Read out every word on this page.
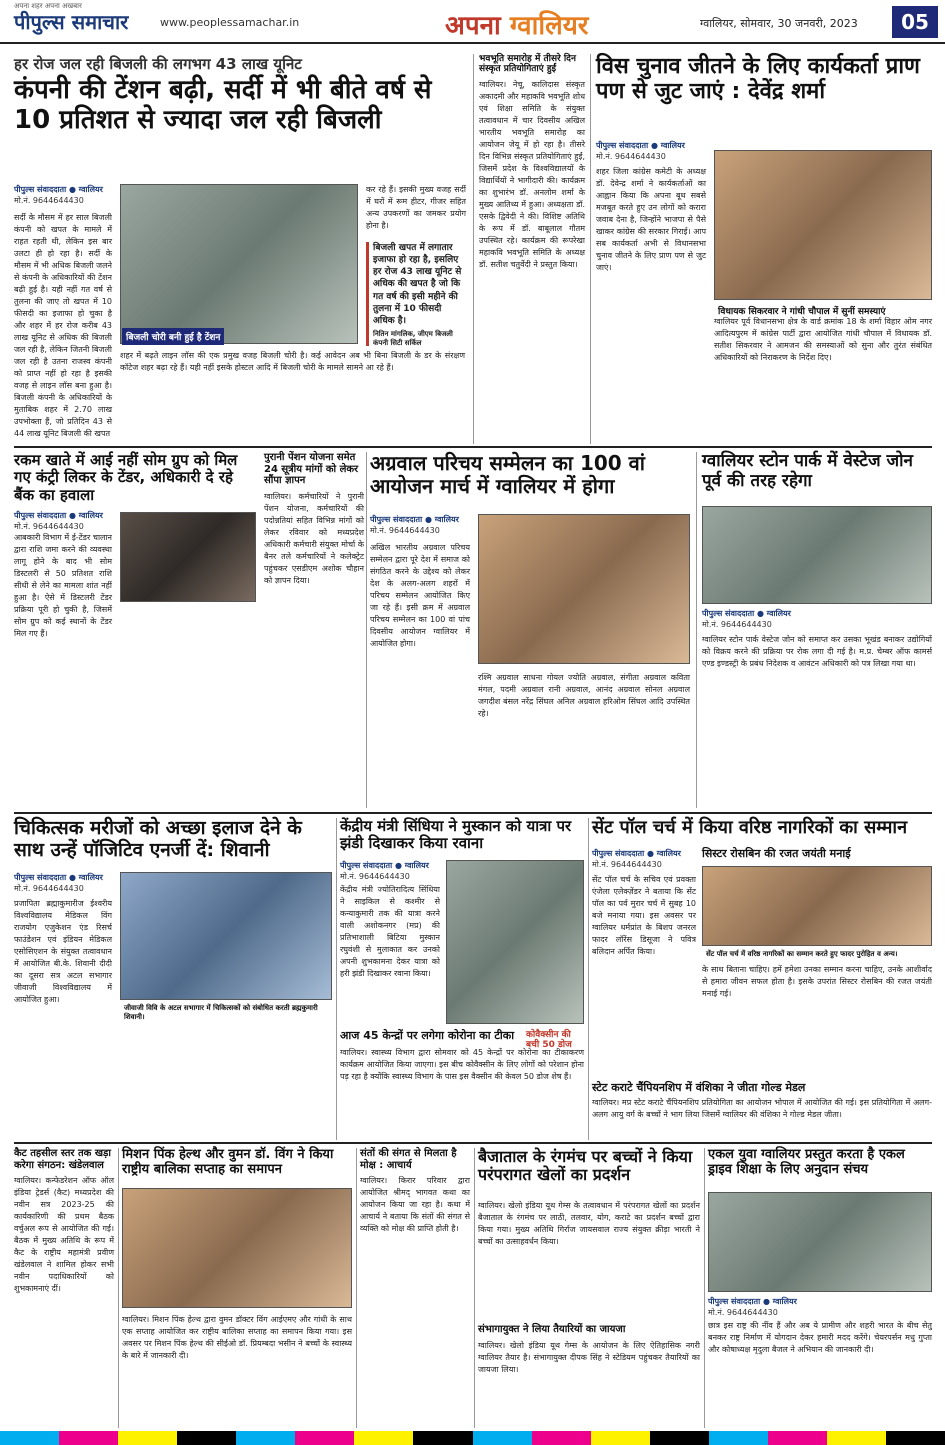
अपना शहर अपना अखबार
पीपुल्स समाचार	www.peoplessamachar.in	अपना ग्वालियर	ग्वालियर, सोमवार, 30 जनवरी, 2023	05
हर रोज जल रही बिजली की लगभग 43 लाख यूनिट
कंपनी की टेंशन बढ़ी, सर्दी में भी बीते वर्ष से 10 प्रतिशत से ज्यादा जल रही बिजली
पीपुल्स संवाददाता ● ग्वालियर
मो.नं. 9644644430
सर्दी के मौसम में हर साल बिजली कंपनी को खपत के मामले में राहत रहती थी, लेकिन इस बार उलटा ही हो रहा है। सर्दी के मौसम में भी अधिक बिजली जलने से कंपनी के अधिकारियों की टेंशन बढ़ी हुई है। यही नहीं गत वर्ष से तुलना की जाए तो खपत में 10 फीसदी का इजाफा हो चुका है और शहर में हर रोज करीब 43 लाख यूनिट से अधिक की बिजली जल रही है, लेकिन जितनी बिजली जल रही है उतना राजस्व कंपनी को प्राप्त नहीं हो रहा है इसकी वजह से लाइन लॉस बना हुआ है। बिजली कंपनी के अधिकारियों के मुताबिक शहर में 2.70 लाख उपभोक्ता हैं, जो प्रतिदिन 43 से 44 लाख यूनिट बिजली की खपत
बिजली चोरी बनी हुई है टेंशन
शहर में बढ़ते लाइन लॉस की एक प्रमुख वजह बिजली चोरी है। कई आवेदन अब भी बिना बिजली के डर के संरक्षण कॉटेज शहर बढ़ा रहे हैं। यही नहीं इसके होस्टल आदि में बिजली चोरी के मामले सामने आ रहे हैं।
कर रहे हैं। इसकी मुख्य वजह सर्दी में घरों में रूम हीटर, गीजर सहित अन्य उपकरणों का जमकर प्रयोग होना है।
बिजली खपत में लगातार इजाफा हो रहा है, इसलिए हर रोज 43 लाख यूनिट से अधिक की खपत है जो कि गत वर्ष की इसी महीने की तुलना में 10 फीसदी अधिक है।
नितिन मांगलिक, जीएम बिजली कंपनी सिटी सर्किल
भवभूति समारोह में तीसरे दिन संस्कृत प्रतियोगिताएं हुईं
ग्वालियर। नेचू, कालिदास संस्कृत अकादमी और महाकवि भवभूति शोध एवं शिक्षा समिति के संयुक्त तत्वावधान में चार दिवसीय अखिल भारतीय भवभूति समारोह का आयोजन जेयू में हो रहा है। तीसरे दिन विभिन्न संस्कृत प्रतियोगिताएं हुईं, जिसमें प्रदेश के विश्वविद्यालयों के विद्यार्थियों ने भागीदारी की। कार्यक्रम का शुभारंभ डॉ. अनलोम शर्मा के मुख्य आतिथ्य में हुआ। अध्यक्षता डॉ. एसके द्विवेदी ने की। विशिष्ट अतिथि के रूप में डॉ. बाबूलाल गौतम उपस्थित रहे। कार्यक्रम की रूपरेखा महाकवि भवभूति समिति के अध्यक्ष डॉ. सतीश चतुर्वेदी ने प्रस्तुत किया।
विस चुनाव जीतने के लिए कार्यकर्ता प्राण पण से जुट जाएं : देवेंद्र शर्मा
पीपुल्स संवाददाता ● ग्वालियर
मो.नं. 9644644430
शहर जिला कांग्रेस कमेटी के अध्यक्ष डॉ. देवेन्द्र शर्मा ने कार्यकर्ताओं का आह्वान किया कि अपना बूथ सबसे मजबूत करते हुए उन लोगों को करारा जवाब देना है, जिन्होंने भाजपा से पैसे खाकर कांग्रेस की सरकार गिराई। आप सब कार्यकर्ता अभी से विधानसभा चुनाव जीतने के लिए प्राण पण से जुट जाएं।
विधायक सिकरवार ने गांधी चौपाल में सुनीं समस्याएं
ग्वालियर पूर्व विधानसभा क्षेत्र के वार्ड क्रमांक 18 के शर्मा विहार ओम नगर आदित्यपुरम में कांग्रेस पार्टी द्वारा आयोजित गांधी चौपाल में विधायक डॉ. सतीश सिकरवार ने आमजन की समस्याओं को सुना और तुरंत संबंधित अधिकारियों को निराकरण के निर्देश दिए।
रकम खाते में आई नहीं सोम ग्रुप को मिल गए कंट्री लिकर के टेंडर, अधिकारी दे रहे बैंक का हवाला
पीपुल्स संवाददाता ● ग्वालियर
मो.नं. 9644644430
आबकारी विभाग में ई-टेंडर चालान द्वारा राशि जमा करने की व्यवस्था लागू होने के बाद भी सोम डिस्टलरी से 50 प्रतिशत राशि सीधी से लेने का मामला शांत नहीं हुआ है। ऐसे में डिस्टलरी टेंडर प्रक्रिया पूरी हो चुकी है, जिसमें सोम ग्रुप को कई स्थानों के टेंडर मिल गए हैं।
पुरानी पेंशन योजना समेत 24 सूत्रीय मांगों को लेकर सौंपा ज्ञापन
ग्वालियर। कर्मचारियों ने पुरानी पेंशन योजना, कर्मचारियों की पदोन्नतियां सहित विभिन्न मांगों को लेकर रविवार को मध्यप्रदेश अधिकारी कर्मचारी संयुक्त मोर्चा के बैनर तले कर्मचारियों ने कलेक्ट्रेट पहुंचकर एसडीएम अशोक चौहान को ज्ञापन दिया।
अग्रवाल परिचय सम्मेलन का 100 वां आयोजन मार्च में ग्वालियर में होगा
पीपुल्स संवाददाता ● ग्वालियर
मो.नं. 9644644430
अखिल भारतीय अग्रवाल परिचय सम्मेलन द्वारा पूरे देश में समाज को संगठित करने के उद्देश्य को लेकर देश के अलग-अलग शहरों में परिचय सम्मेलन आयोजित किए जा रहे हैं। इसी क्रम में अग्रवाल परिचय सम्मेलन का 100 वां पांच दिवसीय आयोजन ग्वालियर में आयोजित होगा।
रश्मि अग्रवाल साधना गोयल ज्योति अग्रवाल, संगीता अग्रवाल कविता मंगल, पदमी अग्रवाल रानी अग्रवाल, आनंद अग्रवाल सोनल अग्रवाल जगदीश बंसल नरेंद्र सिंघल अनिल अग्रवाल हरिओम सिंघल आदि उपस्थित रहे।
ग्वालियर स्टोन पार्क में वेस्टेज जोन पूर्व की तरह रहेगा
पीपुल्स संवाददाता ● ग्वालियर
मो.नं. 9644644430
ग्वालियर स्टोन पार्क वेस्टेज जोन को समाप्त कर उसका भूखंड बनाकर उद्योगियों को विक्रय करने की प्रक्रिया पर रोक लगा दी गई है। म.प्र. चेम्बर ऑफ कामर्स एण्ड इण्डस्ट्री के प्रबंध निदेशक व आवंटन अधिकारी को पत्र लिखा गया था।
चिकित्सक मरीजों को अच्छा इलाज देने के साथ उन्हें पॉजिटिव एनर्जी दें: शिवानी
पीपुल्स संवाददाता ● ग्वालियर
मो.नं. 9644644430
प्रजापिता ब्रह्माकुमारीज ईश्वरीय विश्वविद्यालय मेडिकल विंग राजयोग एजुकेशन एंड रिसर्च फाउंडेशन एवं इंडियन मेडिकल एसोसिएशन के संयुक्त तत्वावधान में आयोजित बी.के. शिवानी दीदी का दूसरा सत्र अटल सभागार जीवाजी विश्वविद्यालय में आयोजित हुआ।
जीवाजी विवि के अटल सभागार में चिकित्सकों को संबोधित करती ब्रह्मकुमारी शिवानी।
केंद्रीय मंत्री सिंधिया ने मुस्कान को यात्रा पर झंडी दिखाकर किया रवाना
पीपुल्स संवाददाता ● ग्वालियर
मो.नं. 9644644430
केंद्रीय मंत्री ज्योतिरादित्य सिंधिया ने साइकिल से कश्मीर से कन्याकुमारी तक की यात्रा करने वाली अशोकनगर (मप्र) की प्रतिभाशाली बिटिया मुस्कान रघुवंशी से मुलाकात कर उनको अपनी शुभकामना देकर यात्रा को हरी झंडी दिखाकर रवाना किया।
आज 45 केन्द्रों पर लगेगा कोरोना का टीका	कोवैक्सीन की बची 50 डोज
ग्वालियर। स्वास्थ्य विभाग द्वारा सोमवार को 45 केन्द्रों पर कोरोना का टीकाकरण कार्यक्रम आयोजित किया जाएगा। इस बीच कोवैक्सीन के लिए लोगों को परेशान होना पड़ रहा है क्योंकि स्वास्थ्य विभाग के पास इस वैक्सीन की केवल 50 डोज शेष हैं।
सेंट पॉल चर्च में किया वरिष्ठ नागरिकों का सम्मान
पीपुल्स संवाददाता ● ग्वालियर
मो.नं. 9644644430
सेंट पॉल चर्च के सचिव एवं प्रवक्ता एंजेला एलेक्ज़ेंडर ने बताया कि सेंट पॉल का पर्व मुरार चर्च में सुबह 10 बजे मनाया गया। इस अवसर पर ग्वालियर धर्मप्रांत के बिशप जनरल फादर लॉरेंस डिसूजा ने पवित्र बलिदान अर्पित किया।
सिस्टर रोसबिन की रजत जयंती मनाई
सेंट पॉल चर्च में वरिष्ठ नागरिकों का सम्मान करते हुए फादर पुरोहित व अन्य।
के साथ बिताना चाहिए। हमें हमेशा उनका सम्मान करना चाहिए, उनके आशीर्वाद से हमारा जीवन सफल होता है। इसके उपरांत सिस्टर रोसबिन की रजत जयंती मनाई गई।
स्टेट कराटे चैंपियनशिप में वंशिका ने जीता गोल्ड मेडल
ग्वालियर। मप्र स्टेट कराटे चैंपियनशिप प्रतियोगिता का आयोजन भोपाल में आयोजित की गई। इस प्रतियोगिता में अलग-अलग आयु वर्ग के बच्चों ने भाग लिया जिसमें ग्वालियर की वंशिका ने गोल्ड मेडल जीता।
कैट तहसील स्तर तक खड़ा करेगा संगठन: खंडेलवाल
ग्वालियर। कन्फेडरेशन ऑफ ऑल इंडिया ट्रेडर्स (कैट) मध्यप्रदेश की नवीन सत्र 2023-25 की कार्यकारिणी की प्रथम बैठक वर्चुअल रूप से आयोजित की गई। बैठक में मुख्य अतिथि के रूप में कैट के राष्ट्रीय महामंत्री प्रवीण खंडेलवाल ने शामिल होकर सभी नवीन पदाधिकारियों को शुभकामनाएं दीं।
मिशन पिंक हेल्थ और वुमन डॉ. विंग ने किया राष्ट्रीय बालिका सप्ताह का समापन
ग्वालियर। मिशन पिंक हेल्थ द्वारा वुमन डॉक्टर विंग आईएमए और गांधी के साथ एक सप्ताह आयोजित कर राष्ट्रीय बालिका सप्ताह का समापन किया गया। इस अवसर पर मिशन पिंक हेल्थ की सीईओ डॉ. प्रियम्बदा भसीन ने बच्चों के स्वास्थ्य के बारे में जानकारी दी।
संतों की संगत से मिलता है मोक्ष : आचार्य
ग्वालियर। किरार परिवार द्वारा आयोजित श्रीमद् भागवत कथा का आयोजन किया जा रहा है। कथा में आचार्य ने बताया कि संतों की संगत से व्यक्ति को मोक्ष की प्राप्ति होती है।
बैजाताल के रंगमंच पर बच्चों ने किया परंपरागत खेलों का प्रदर्शन
ग्वालियर। खेलो इंडिया यूथ गेम्स के तत्वावधान में परंपरागत खेलों का प्रदर्शन बैजाताल के रंगमंच पर लाठी, तलवार, योग, कराटे का प्रदर्शन बच्चों द्वारा किया गया। मुख्य अतिथि गिर्राज जायसवाल राज्य संयुक्त क्रीड़ा भारती ने बच्चों का उत्साहवर्धन किया।
संभागायुक्त ने लिया तैयारियों का जायजा
ग्वालियर। खेलो इंडिया यूथ गेम्स के आयोजन के लिए ऐतिहासिक नगरी ग्वालियर तैयार है। संभागायुक्त दीपक सिंह ने स्टेडियम पहुंचकर तैयारियों का जायजा लिया।
एकल युवा ग्वालियर प्रस्तुत करता है एकल ड्राइव शिक्षा के लिए अनुदान संचय
पीपुल्स संवाददाता ● ग्वालियर
मो.नं. 9644644430
छात्र इस राष्ट्र की नींव हैं और अब ये प्रामीण और शहरी भारत के बीच सेतु बनकर राष्ट्र निर्माण में योगदान देकर हमारी मदद करेंगे। चेयरपर्सन मधु गुप्ता और कोषाध्यक्ष मृदुला बैजल ने अभियान की जानकारी दी।
